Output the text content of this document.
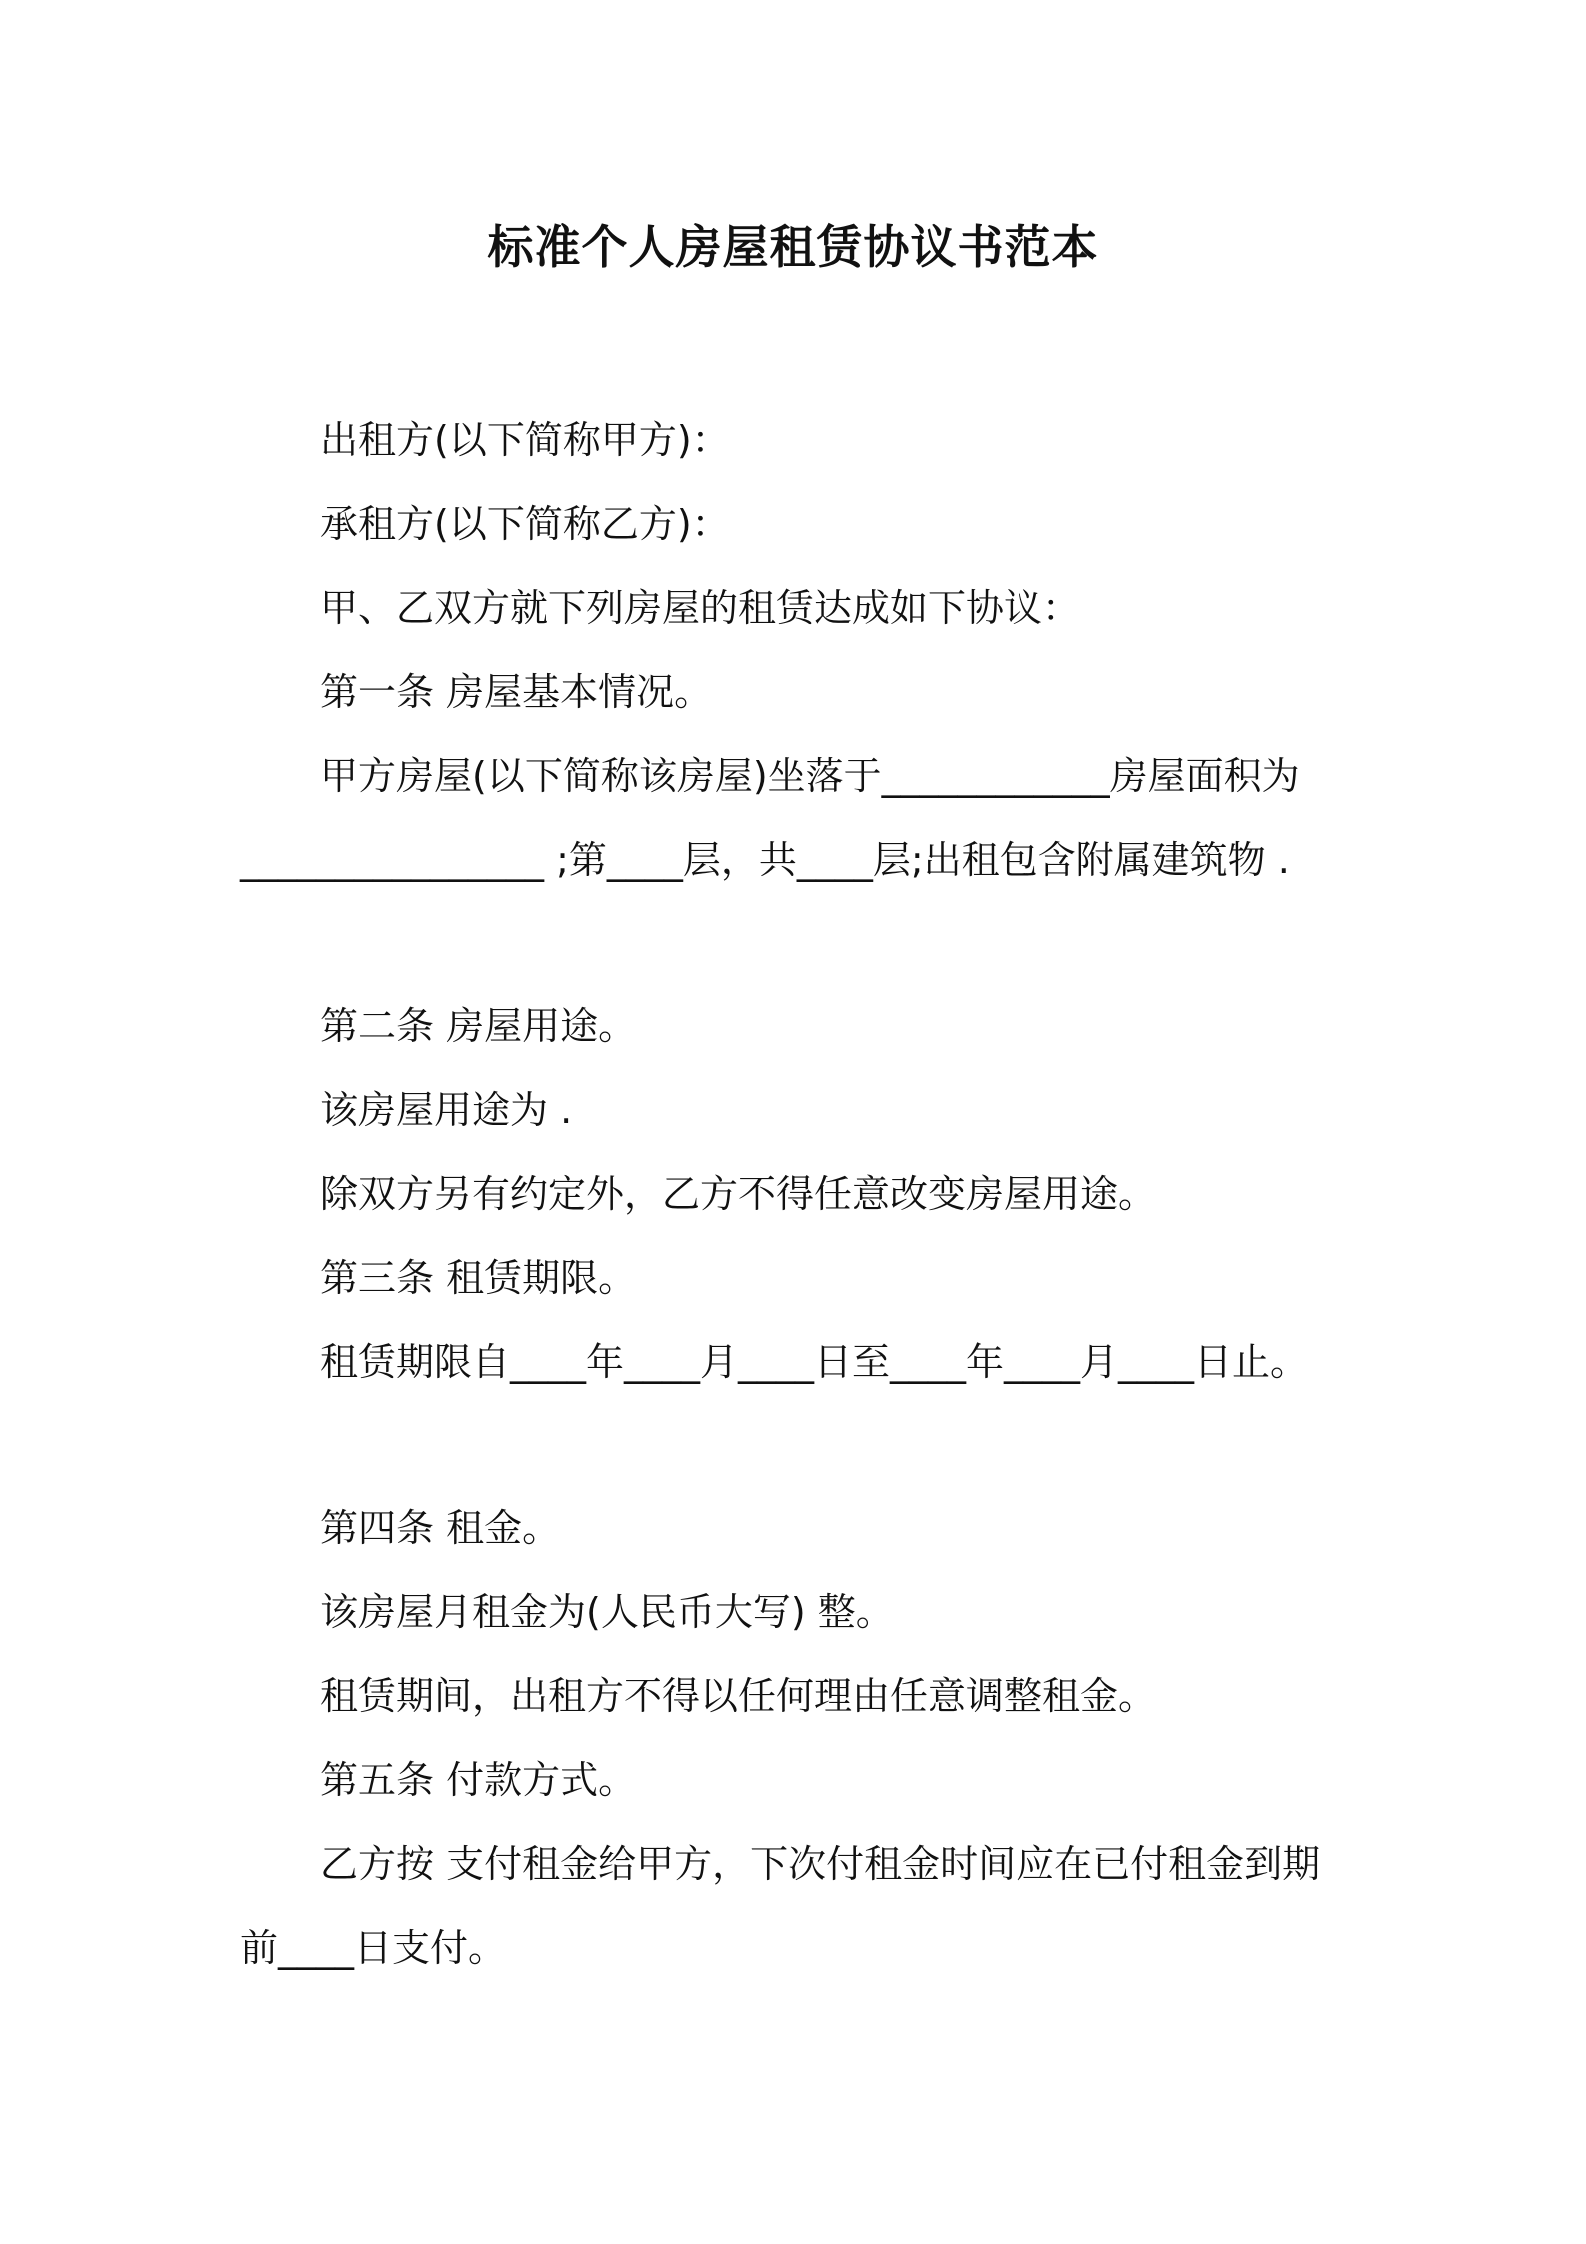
标准个人房屋租赁协议书范本

出租方(以下简称甲方)：

承租方(以下简称乙方)：

甲、乙双方就下列房屋的租赁达成如下协议：

第一条 房屋基本情况。

甲方房屋(以下简称该房屋)坐落于____________房屋面积为________________ ;第____层，共____层;出租包含附属建筑物 .

第二条 房屋用途。

该房屋用途为 .

除双方另有约定外，乙方不得任意改变房屋用途。

第三条 租赁期限。

租赁期限自____年____月____日至____年____月____日止。

第四条 租金。

该房屋月租金为(人民币大写) 整。

租赁期间，出租方不得以任何理由任意调整租金。

第五条 付款方式。

乙方按 支付租金给甲方，下次付租金时间应在已付租金到期前____日支付。
